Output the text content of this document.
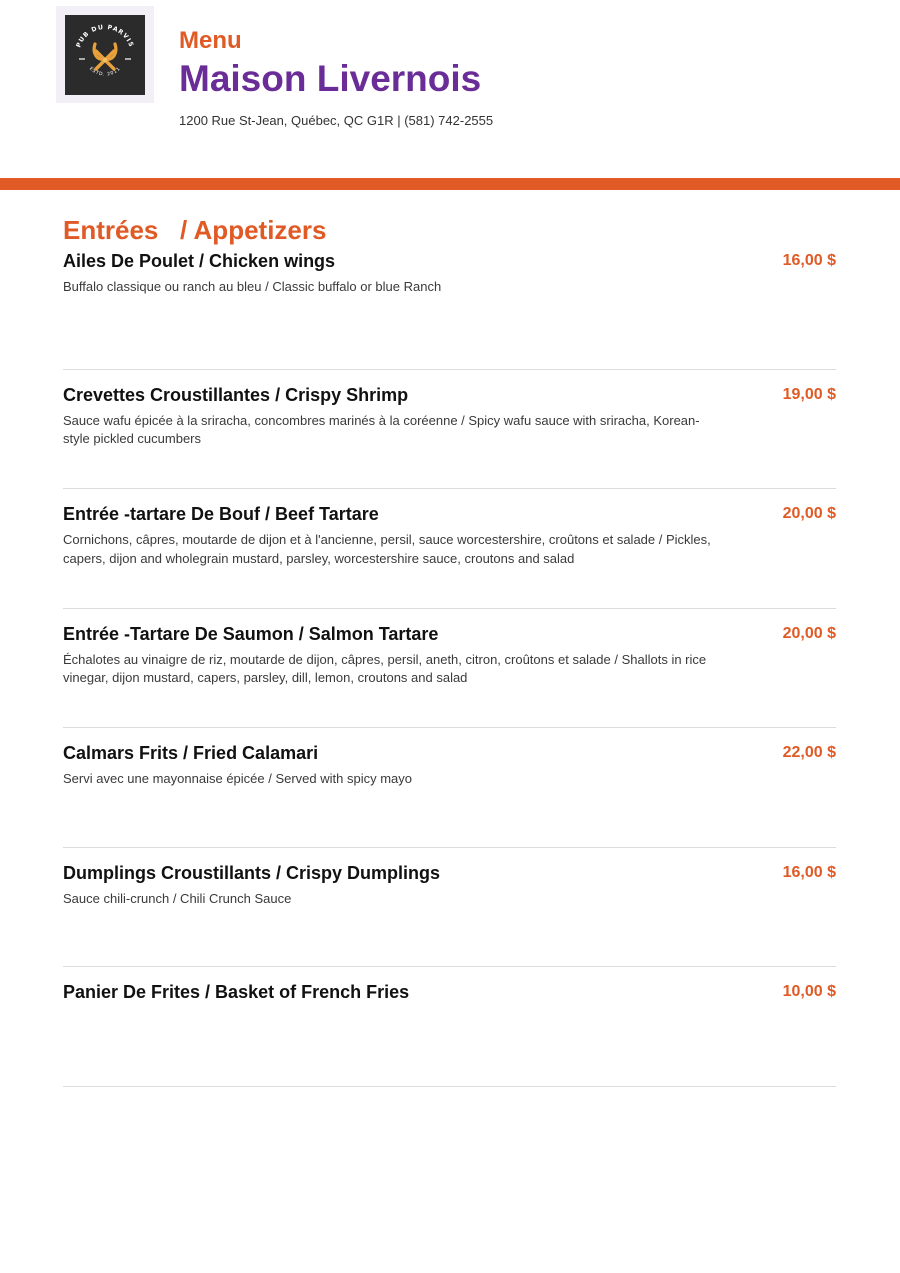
PUB DU PARVIS
ESTD. 2011
Menu
Maison Livernois
1200 Rue St-Jean, Québec, QC G1R | (581) 742-2555
Entrées   / Appetizers
Ailes De Poulet / Chicken wings	16,00 $
Buffalo classique ou ranch au bleu / Classic buffalo or blue Ranch
Crevettes Croustillantes / Crispy Shrimp	19,00 $
Sauce wafu épicée à la sriracha, concombres marinés à la coréenne / Spicy wafu sauce with sriracha, Korean-style pickled cucumbers
Entrée -tartare De Bouf / Beef Tartare	20,00 $
Cornichons, câpres, moutarde de dijon et à l'ancienne, persil, sauce worcestershire, croûtons et salade / Pickles, capers, dijon and wholegrain mustard, parsley, worcestershire sauce, croutons and salad
Entrée -Tartare De Saumon / Salmon Tartare	20,00 $
Échalotes au vinaigre de riz, moutarde de dijon, câpres, persil, aneth, citron, croûtons et salade / Shallots in rice vinegar, dijon mustard, capers, parsley, dill, lemon, croutons and salad
Calmars Frits / Fried Calamari	22,00 $
Servi avec une mayonnaise épicée / Served with spicy mayo
Dumplings Croustillants / Crispy Dumplings	16,00 $
Sauce chili-crunch / Chili Crunch Sauce
Panier De Frites / Basket of French Fries	10,00 $
